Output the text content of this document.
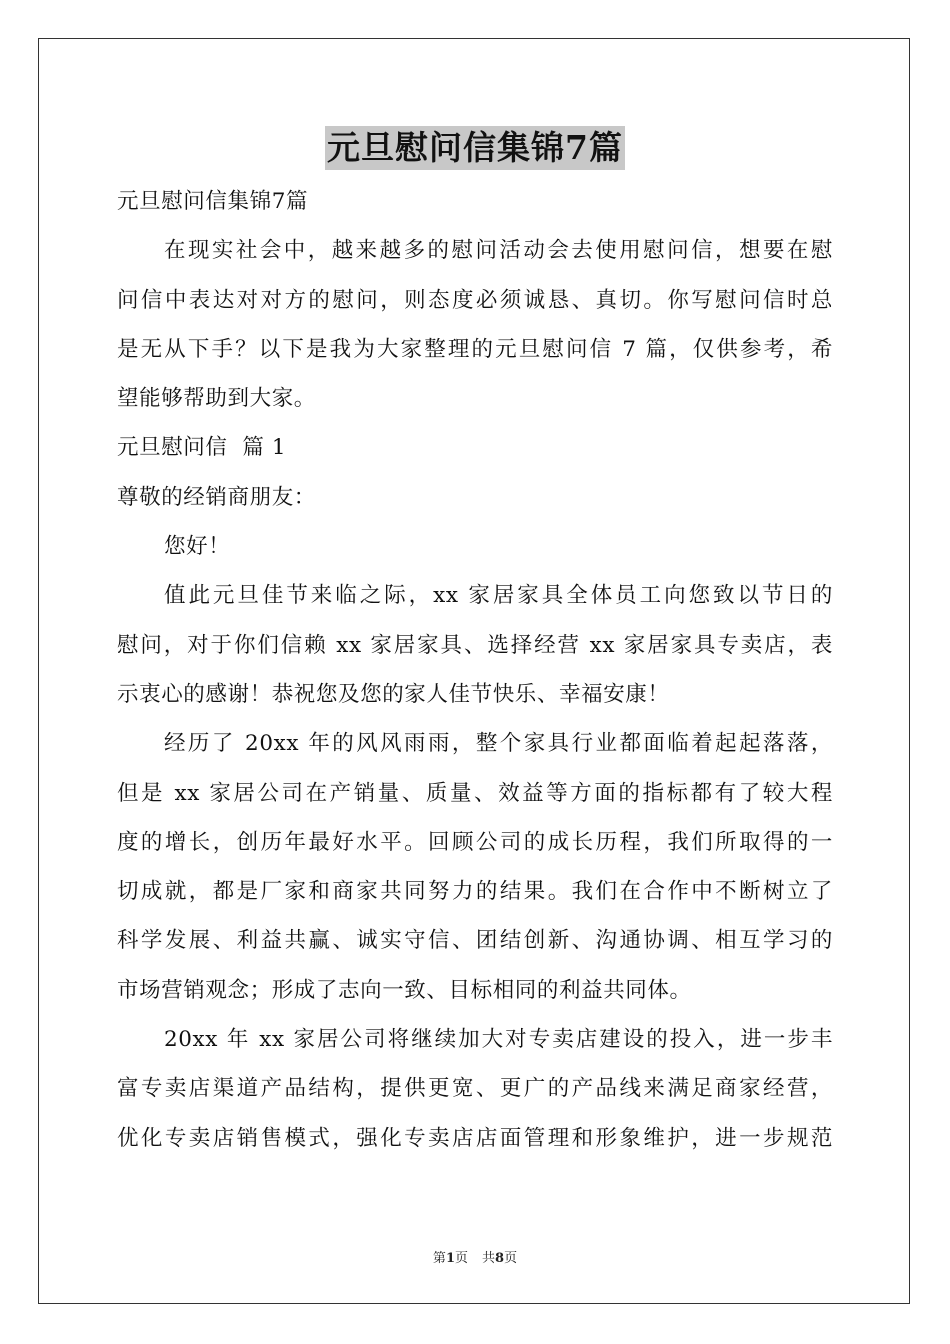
元旦慰问信集锦7篇
元旦慰问信集锦7篇
在现实社会中，越来越多的慰问活动会去使用慰问信，想要在慰
问信中表达对对方的慰问，则态度必须诚恳、真切。你写慰问信时总
是无从下手？以下是我为大家整理的元旦慰问信 7 篇，仅供参考，希
望能够帮助到大家。
元旦慰问信  篇 1
尊敬的经销商朋友：
您好！
值此元旦佳节来临之际，xx 家居家具全体员工向您致以节日的
慰问，对于你们信赖 xx 家居家具、选择经营 xx 家居家具专卖店，表
示衷心的感谢！恭祝您及您的家人佳节快乐、幸福安康！
经历了 20xx 年的风风雨雨，整个家具行业都面临着起起落落，
但是 xx 家居公司在产销量、质量、效益等方面的指标都有了较大程
度的增长，创历年最好水平。回顾公司的成长历程，我们所取得的一
切成就，都是厂家和商家共同努力的结果。我们在合作中不断树立了
科学发展、利益共赢、诚实守信、团结创新、沟通协调、相互学习的
市场营销观念；形成了志向一致、目标相同的利益共同体。
20xx 年 xx 家居公司将继续加大对专卖店建设的投入，进一步丰
富专卖店渠道产品结构，提供更宽、更广的产品线来满足商家经营，
优化专卖店销售模式，强化专卖店店面管理和形象维护，进一步规范
第1页 共8页
